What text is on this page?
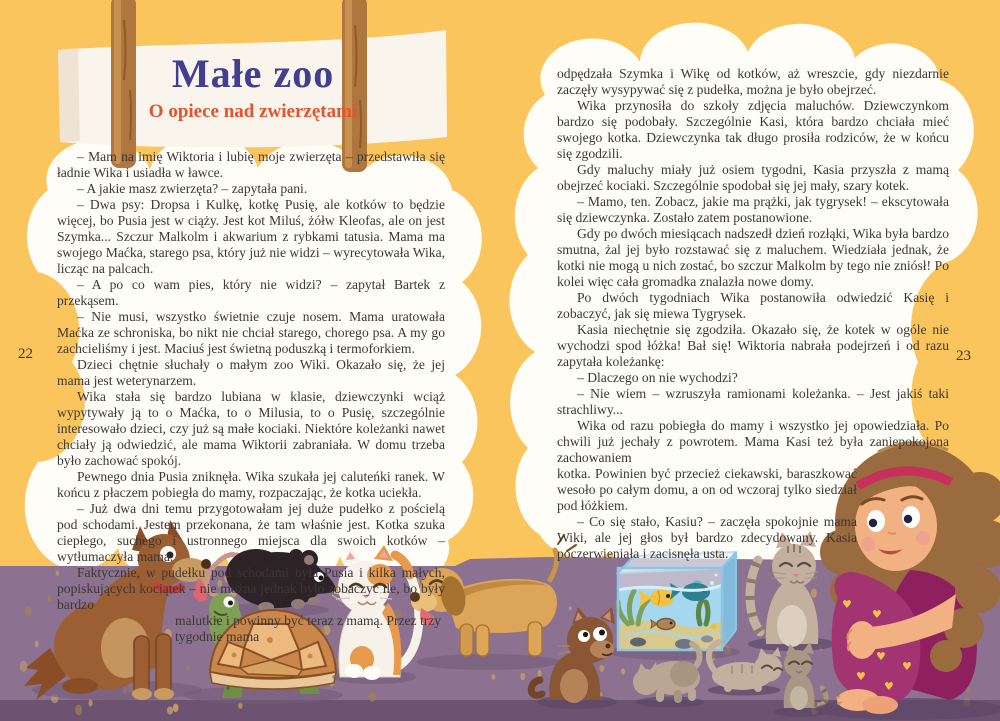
♥
♥
♥
♥
♥
♥
Małe zoo
O opiece nad zwierzętami
22	23

– Mam na imię Wiktoria i lubię moje zwierzęta – przedstawiła się ładnie Wika i usiadła w ławce.

– A jakie masz zwierzęta? – zapytała pani.

– Dwa psy: Dropsa i Kulkę, kotkę Pusię, ale kotków to będzie więcej, bo Pusia jest w ciąży. Jest kot Miluś, żółw Kleofas, ale on jest Szymka... Szczur Malkolm i akwarium z rybkami tatusia. Mama ma swojego Maćka, starego psa, który już nie widzi – wyrecytowała Wika, licząc na palcach.

– A po co wam pies, który nie widzi? – zapytał Bartek z przekąsem.

– Nie musi, wszystko świetnie czuje nosem. Mama uratowała Maćka ze schroniska, bo nikt nie chciał starego, chorego psa. A my go zachcieliśmy i jest. Maciuś jest świetną poduszką i termoforkiem.

Dzieci chętnie słuchały o małym zoo Wiki. Okazało się, że jej mama jest weterynarzem.

Wika stała się bardzo lubiana w klasie, dziewczynki wciąż wypytywały ją to o Maćka, to o Milusia, to o Pusię, szczególnie interesowało dzieci, czy już są małe kociaki. Niektóre koleżanki nawet chciały ją odwiedzić, ale mama Wiktorii zabraniała. W domu trzeba było zachować spokój.

Pewnego dnia Pusia zniknęła. Wika szukała jej caluteńki ranek. W końcu z płaczem pobiegła do mamy, rozpaczając, że kotka uciekła.

– Już dwa dni temu przygotowałam jej duże pudełko z pościelą pod schodami. Jestem przekonana, że tam właśnie jest. Kotka szuka ciepłego, suchego i ustronnego miejsca dla swoich kotków – wytłumaczyła mama.

Faktycznie, w pudełku pod schodami była Pusia i kilka małych, popiskujących kociątek – nie można jednak było zobaczyć ile, bo były bardzo

malutkie i powinny być teraz z mamą. Przez trzy tygodnie mama

odpędzała Szymka i Wikę od kotków, aż wreszcie, gdy niezdarnie zaczęły wysypywać się z pudełka, można je było obejrzeć.

Wika przynosiła do szkoły zdjęcia maluchów. Dziewczynkom bardzo się podobały. Szczególnie Kasi, która bardzo chciała mieć swojego kotka. Dziewczynka tak długo prosiła rodziców, że w końcu się zgodzili.

Gdy maluchy miały już osiem tygodni, Kasia przyszła z mamą obejrzeć kociaki. Szczególnie spodobał się jej mały, szary kotek.

– Mamo, ten. Zobacz, jakie ma prążki, jak tygrysek! – ekscytowała się dziewczynka. Zostało zatem postanowione.

Gdy po dwóch miesiącach nadszedł dzień rozłąki, Wika była bardzo smutna, żal jej było rozstawać się z maluchem. Wiedziała jednak, że kotki nie mogą u nich zostać, bo szczur Malkolm by tego nie zniósł! Po kolei więc cała gromadka znalazła nowe domy.

Po dwóch tygodniach Wika postanowiła odwiedzić Kasię i zobaczyć, jak się miewa Tygrysek.

Kasia niechętnie się zgodziła. Okazało się, że kotek w ogóle nie wychodzi spod łóżka! Bał się! Wiktoria nabrała podejrzeń i od razu zapytała koleżankę:

– Dlaczego on nie wychodzi?

– Nie wiem – wzruszyła ramionami koleżanka. – Jest jakiś taki strachliwy...

Wika od razu pobiegła do mamy i wszystko jej opowiedziała. Po chwili już jechały z powrotem. Mama Kasi też była zaniepokojona zachowaniem

kotka. Powinien być przecież ciekawski, baraszkować wesoło po całym domu, a on od wczoraj tylko siedział pod łóżkiem.

– Co się stało, Kasiu? – zaczęła spokojnie mama Wiki, ale jej głos był bardzo zdecydowany. Kasia poczerwieniała i zacisnęła usta.
